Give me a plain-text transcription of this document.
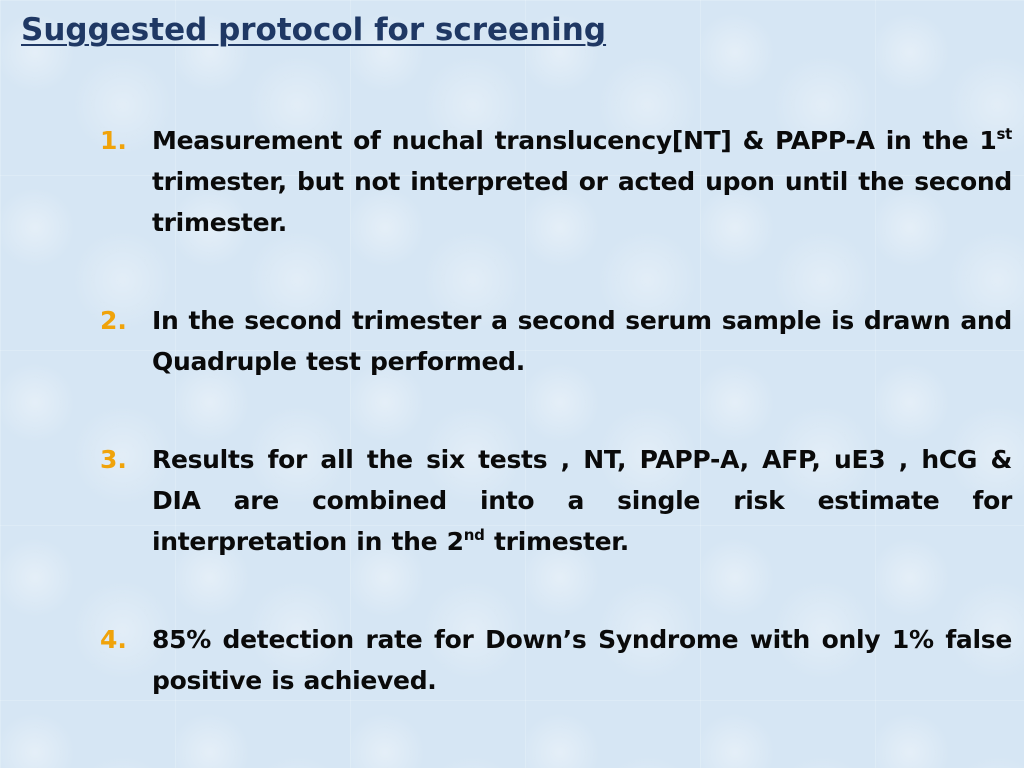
Suggested protocol for screening
1.	Measurement of nuchal translucency[NT] & PAPP-A in the 1st trimester, but not interpreted or acted upon until the second trimester.
2.	In the second trimester a second serum sample is drawn and Quadruple test performed.
3.	Results for all the six tests , NT, PAPP-A, AFP, uE3 , hCG & DIA are combined into a single risk estimate for interpretation in the 2nd trimester.
4.	85% detection rate for Down’s Syndrome with only 1% false positive is achieved.
